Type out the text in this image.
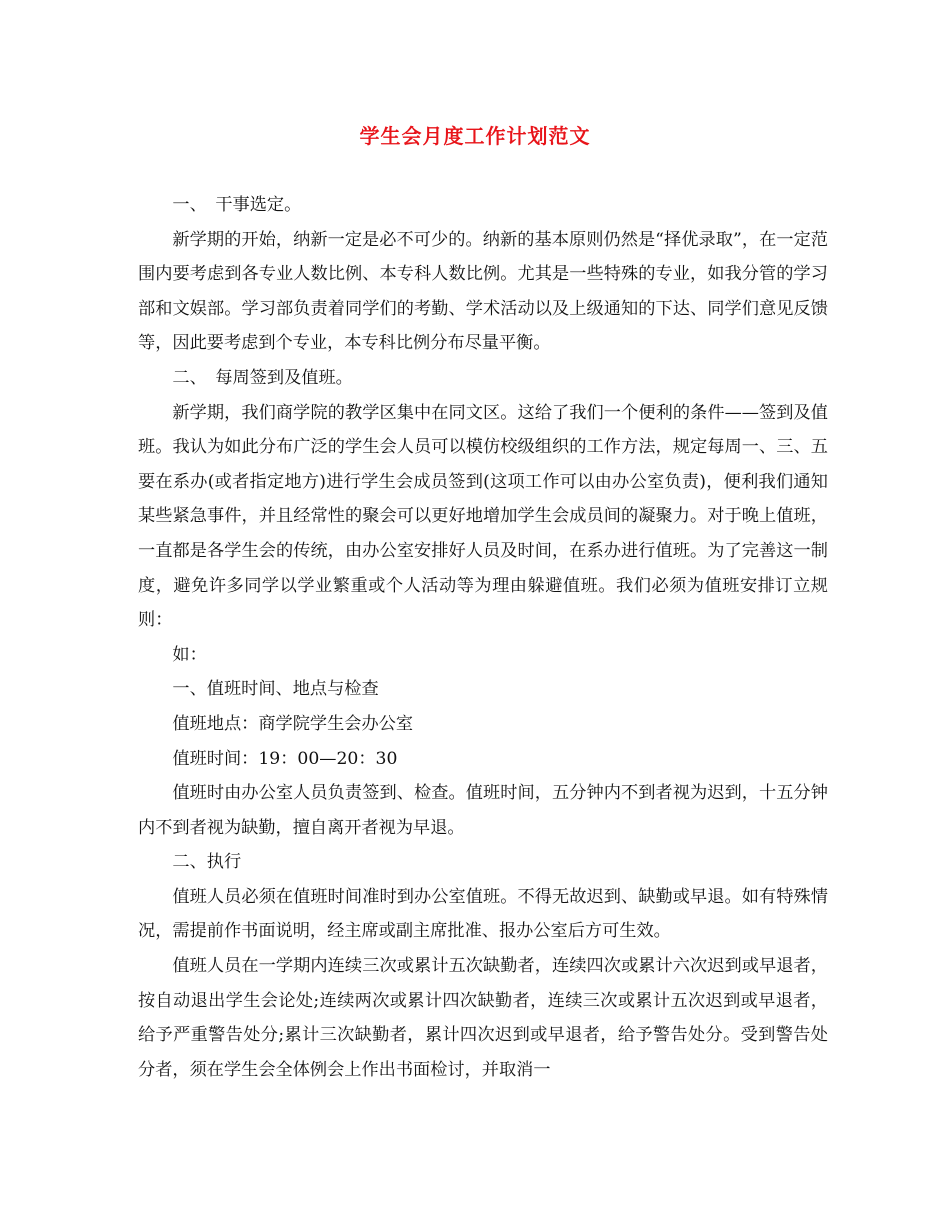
学生会月度工作计划范文

一、　干事选定。

新学期的开始，纳新一定是必不可少的。纳新的基本原则仍然是“择优录取”，在一定范围内要考虑到各专业人数比例、本专科人数比例。尤其是一些特殊的专业，如我分管的学习部和文娱部。学习部负责着同学们的考勤、学术活动以及上级通知的下达、同学们意见反馈等，因此要考虑到个专业，本专科比例分布尽量平衡。

二、　每周签到及值班。

新学期，我们商学院的教学区集中在同文区。这给了我们一个便利的条件——签到及值班。我认为如此分布广泛的学生会人员可以模仿校级组织的工作方法，规定每周一、三、五要在系办(或者指定地方)进行学生会成员签到(这项工作可以由办公室负责)，便利我们通知某些紧急事件，并且经常性的聚会可以更好地增加学生会成员间的凝聚力。对于晚上值班，一直都是各学生会的传统，由办公室安排好人员及时间，在系办进行值班。为了完善这一制度，避免许多同学以学业繁重或个人活动等为理由躲避值班。我们必须为值班安排订立规则：

如：

一、值班时间、地点与检查

值班地点：商学院学生会办公室

值班时间：19：00—20：30

值班时由办公室人员负责签到、检查。值班时间，五分钟内不到者视为迟到，十五分钟内不到者视为缺勤，擅自离开者视为早退。

二、执行

值班人员必须在值班时间准时到办公室值班。不得无故迟到、缺勤或早退。如有特殊情况，需提前作书面说明，经主席或副主席批准、报办公室后方可生效。

值班人员在一学期内连续三次或累计五次缺勤者，连续四次或累计六次迟到或早退者，按自动退出学生会论处;连续两次或累计四次缺勤者，连续三次或累计五次迟到或早退者，给予严重警告处分;累计三次缺勤者，累计四次迟到或早退者，给予警告处分。受到警告处分者，须在学生会全体例会上作出书面检讨，并取消一
